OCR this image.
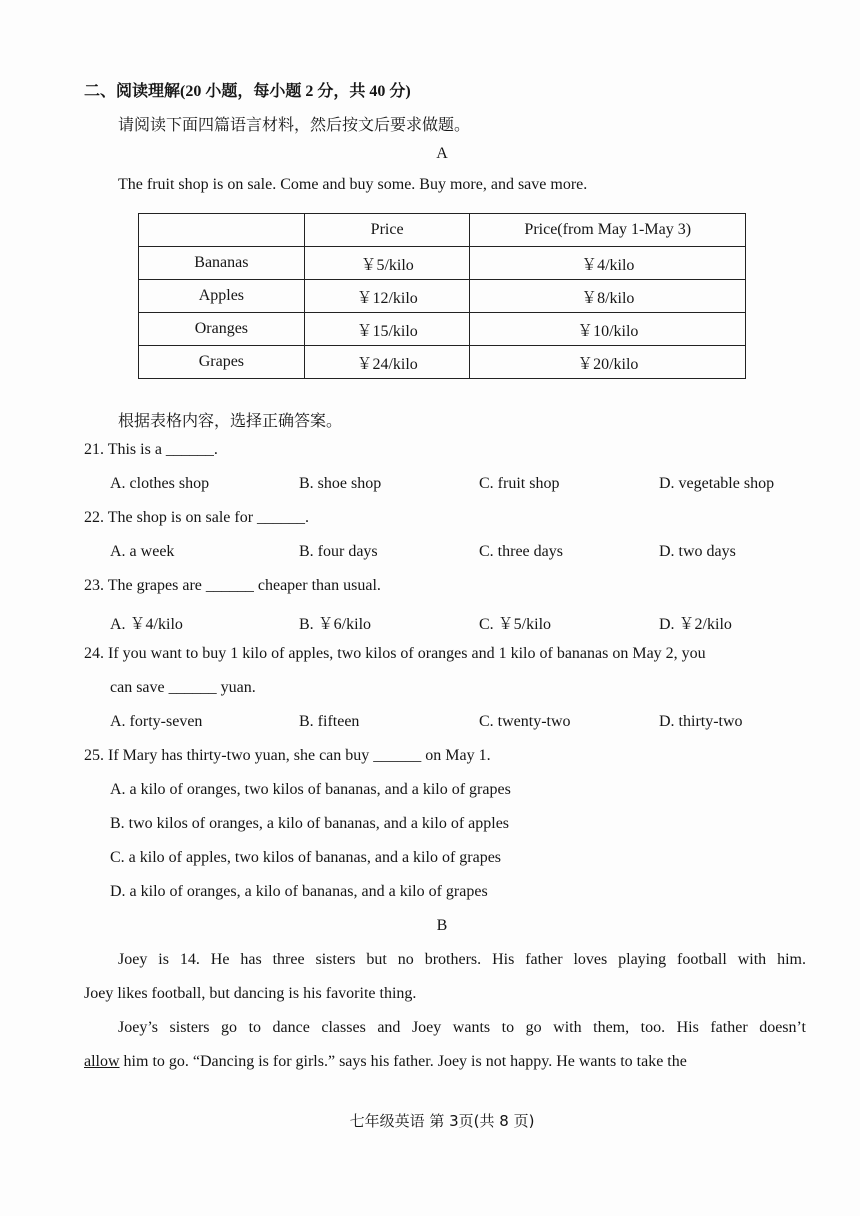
二、阅读理解(20 小题，每小题 2 分，共 40 分)
请阅读下面四篇语言材料，然后按文后要求做题。
A
The fruit shop is on sale. Come and buy some. Buy more, and save more.
	Price	Price(from May 1-May 3)
Bananas	￥5/kilo	￥4/kilo
Apples	￥12/kilo	￥8/kilo
Oranges	￥15/kilo	￥10/kilo
Grapes	￥24/kilo	￥20/kilo
根据表格内容，选择正确答案。
21. This is a ______.
A. clothes shop	B. shoe shop	C. fruit shop	D. vegetable shop
22. The shop is on sale for ______.
A. a week	B. four days	C. three days	D. two days
23. The grapes are ______ cheaper than usual.
A. ￥4/kilo	B. ￥6/kilo	C. ￥5/kilo	D. ￥2/kilo
24. If you want to buy 1 kilo of apples, two kilos of oranges and 1 kilo of bananas on May 2, you
can save ______ yuan.
A. forty-seven	B. fifteen	C. twenty-two	D. thirty-two
25. If Mary has thirty-two yuan, she can buy ______ on May 1.
A. a kilo of oranges, two kilos of bananas, and a kilo of grapes
B. two kilos of oranges, a kilo of bananas, and a kilo of apples
C. a kilo of apples, two kilos of bananas, and a kilo of grapes
D. a kilo of oranges, a kilo of bananas, and a kilo of grapes
B
Joey is 14. He has three sisters but no brothers. His father loves playing football with him.
Joey likes football, but dancing is his favorite thing.
Joey’s sisters go to dance classes and Joey wants to go with them, too. His father doesn’t
allow him to go. “Dancing is for girls.” says his father. Joey is not happy. He wants to take the
七年级英语 第 3页(共 8 页)
